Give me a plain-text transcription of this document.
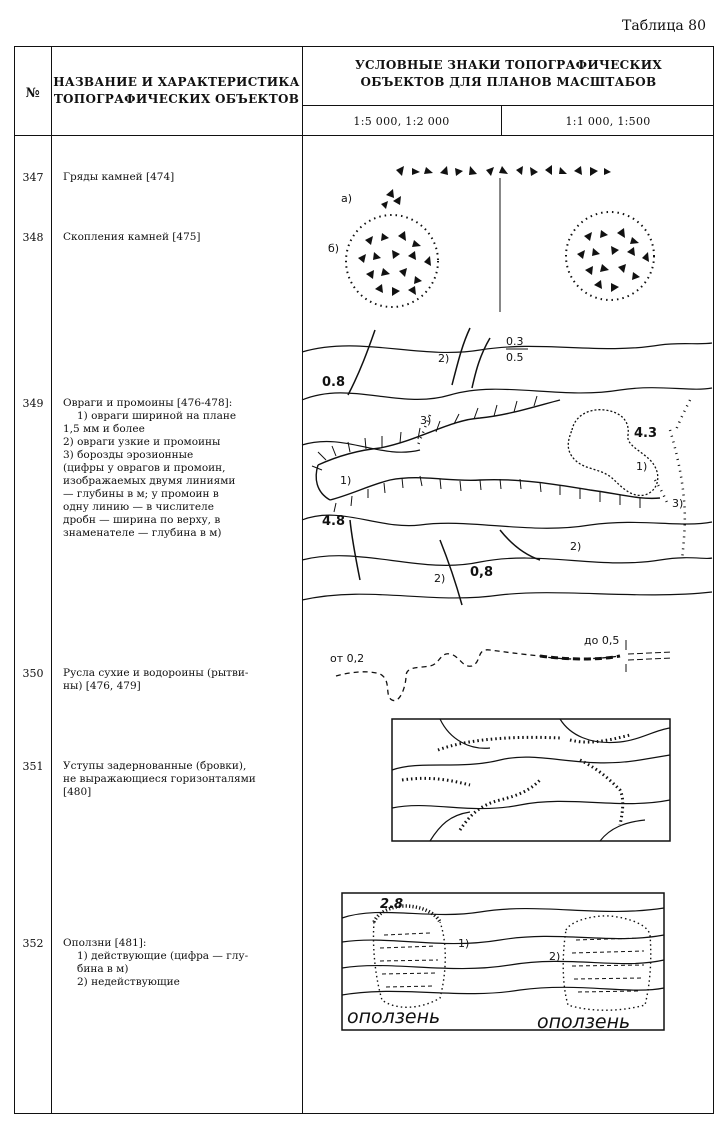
Таблица 80
№
НАЗВАНИЕ И ХАРАКТЕРИСТИКА
ТОПОГРАФИЧЕСКИХ ОБЪЕКТОВ
УСЛОВНЫЕ ЗНАКИ ТОПОГРАФИЧЕСКИХ
ОБЪЕКТОВ ДЛЯ ПЛАНОВ МАСШТАБОВ
1:5 000, 1:2 000	1:1 000, 1:500
347	Гряды камней [474]
348	Скопления камней [475]
349	Овраги и промоины [476-478]:
1) овраги шириной на плане
1,5 мм и более
2) овраги узкие и промоины
3) борозды эрозионные
(цифры у оврагов и промоин,
изображаемых двумя линиями
— глубины в м; у промоин в
одну линию — в числителе
дробн — ширина по верху, в
знаменателе — глубина в м)
350	Русла сухие и водороины (рытви-
ны) [476, 479]
351	Уступы задернованные (бровки),
не выражающиеся горизонталями
[480]
352	Оползни [481]:
1) действующие (цифра — глу-
бина в м)
2) недействующие
а)
б)
0.3
0.5
0.8
4.8
4.3
0,8
1)
1)
2)
2)
2)
3)
3)
от 0,2
до 0,5
2.8
1)
2)
оползень	оползень
